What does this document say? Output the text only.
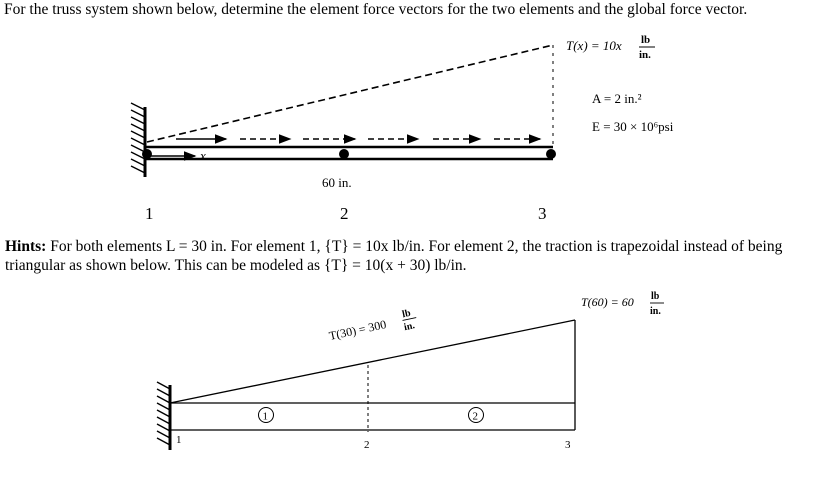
For the truss system shown below, determine the element force vectors for the two elements and the global force vector.
x
60 in.
1	2	3
T(x) = 10x lb
in.
A = 2 in.²
E = 30 × 10⁶psi
1	2
1	2	3
T(30) = 300
lb
in.
T(60) = 60 lb
in.
Hints: For both elements L = 30 in. For element 1, {T} = 10x lb/in. For element 2, the traction is trapezoidal instead of being triangular as shown below. This can be modeled as {T} = 10(x + 30) lb/in.
